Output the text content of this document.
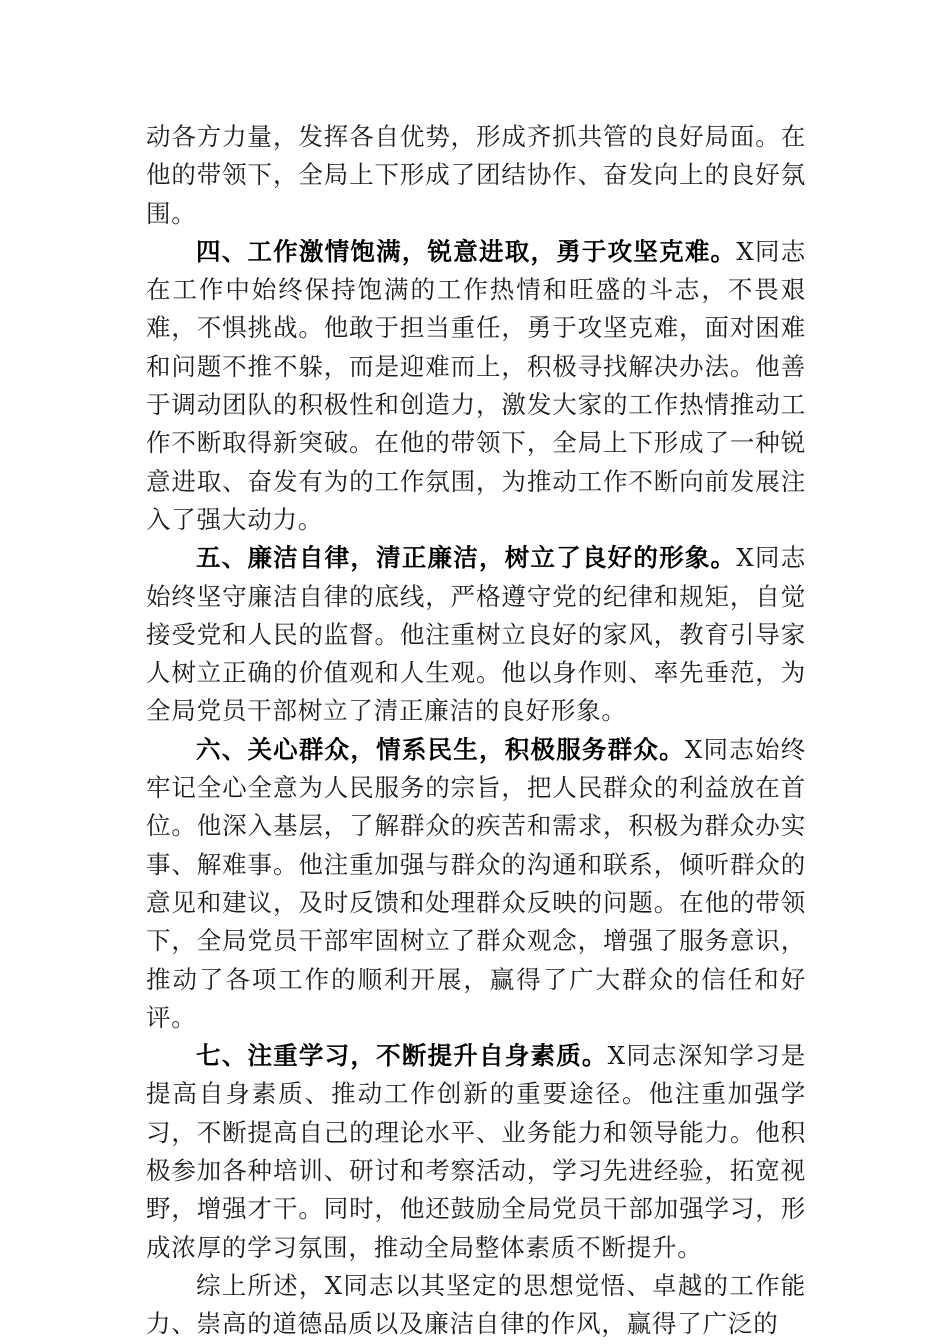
动各方力量，发挥各自优势，形成齐抓共管的良好局面。在他的带领下，全局上下形成了团结协作、奋发向上的良好氛围。

四、工作激情饱满，锐意进取，勇于攻坚克难。X同志在工作中始终保持饱满的工作热情和旺盛的斗志，不畏艰难，不惧挑战。他敢于担当重任，勇于攻坚克难，面对困难和问题不推不躲，而是迎难而上，积极寻找解决办法。他善于调动团队的积极性和创造力，激发大家的工作热情推动工作不断取得新突破。在他的带领下，全局上下形成了一种锐意进取、奋发有为的工作氛围，为推动工作不断向前发展注入了强大动力。

五、廉洁自律，清正廉洁，树立了良好的形象。X同志始终坚守廉洁自律的底线，严格遵守党的纪律和规矩，自觉接受党和人民的监督。他注重树立良好的家风，教育引导家人树立正确的价值观和人生观。他以身作则、率先垂范，为全局党员干部树立了清正廉洁的良好形象。

六、关心群众，情系民生，积极服务群众。X同志始终牢记全心全意为人民服务的宗旨，把人民群众的利益放在首位。他深入基层，了解群众的疾苦和需求，积极为群众办实事、解难事。他注重加强与群众的沟通和联系，倾听群众的意见和建议，及时反馈和处理群众反映的问题。在他的带领下，全局党员干部牢固树立了群众观念，增强了服务意识，推动了各项工作的顺利开展，赢得了广大群众的信任和好评。

七、注重学习，不断提升自身素质。X同志深知学习是提高自身素质、推动工作创新的重要途径。他注重加强学习，不断提高自己的理论水平、业务能力和领导能力。他积极参加各种培训、研讨和考察活动，学习先进经验，拓宽视野，增强才干。同时，他还鼓励全局党员干部加强学习，形成浓厚的学习氛围，推动全局整体素质不断提升。

综上所述，X同志以其坚定的思想觉悟、卓越的工作能力、崇高的道德品质以及廉洁自律的作风，赢得了广泛的
